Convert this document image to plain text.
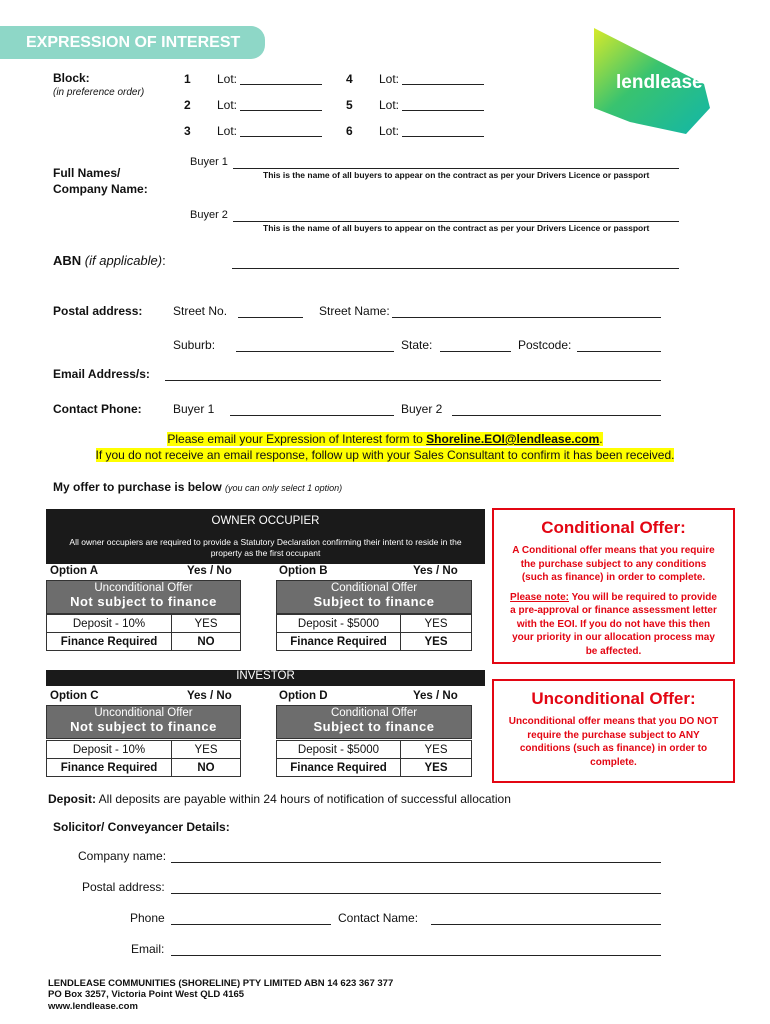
EXPRESSION OF INTEREST
lendlease
Block:
(in preference order)
1 Lot:
2 Lot:
3 Lot:
4 Lot:
5 Lot:
6 Lot:
Full Names/
Company Name:
Buyer 1
This is the name of all buyers to appear on the contract as per your Drivers Licence or passport
Buyer 2
This is the name of all buyers to appear on the contract as per your Drivers Licence or passport
ABN (if applicable):
Postal address:	Street No.	Street Name:
Suburb:	State:	Postcode:
Email Address/s:
Contact Phone:	Buyer 1	Buyer 2
Please email your Expression of Interest form to Shoreline.EOI@lendlease.com.
If you do not receive an email response, follow up with your Sales Consultant to confirm it has been received.
My offer to purchase is below (you can only select 1 option)
OWNER OCCUPIER
All owner occupiers are required to provide a Statutory Declaration confirming their intent to reside in the property as the first occupant
Option A	Yes / No
Unconditional Offer
Not subject to finance
Deposit - 10%	YES
Finance Required	NO
Option B	Yes / No
Conditional Offer
Subject to finance
Deposit - $5000	YES
Finance Required	YES
INVESTOR
Option C	Yes / No
Unconditional Offer
Not subject to finance
Deposit - 10%	YES
Finance Required	NO
Option D	Yes / No
Conditional Offer
Subject to finance
Deposit - $5000	YES
Finance Required	YES
Conditional Offer:

A Conditional offer means that you require the purchase subject to any conditions (such as finance) in order to complete.

Please note: You will be required to provide a pre-approval or finance assessment letter with the EOI. If you do not have this then your priority in our allocation process may be affected.

Unconditional Offer:

Unconditional offer means that you DO NOT require the purchase subject to ANY conditions (such as finance) in order to complete.

Deposit: All deposits are payable within 24 hours of notification of successful allocation
Solicitor/ Conveyancer Details:
Company name:
Postal address:
Phone	Contact Name:
Email:
LENDLEASE COMMUNITIES (SHORELINE) PTY LIMITED ABN 14 623 367 377
PO Box 3257, Victoria Point West QLD 4165
www.lendlease.com
